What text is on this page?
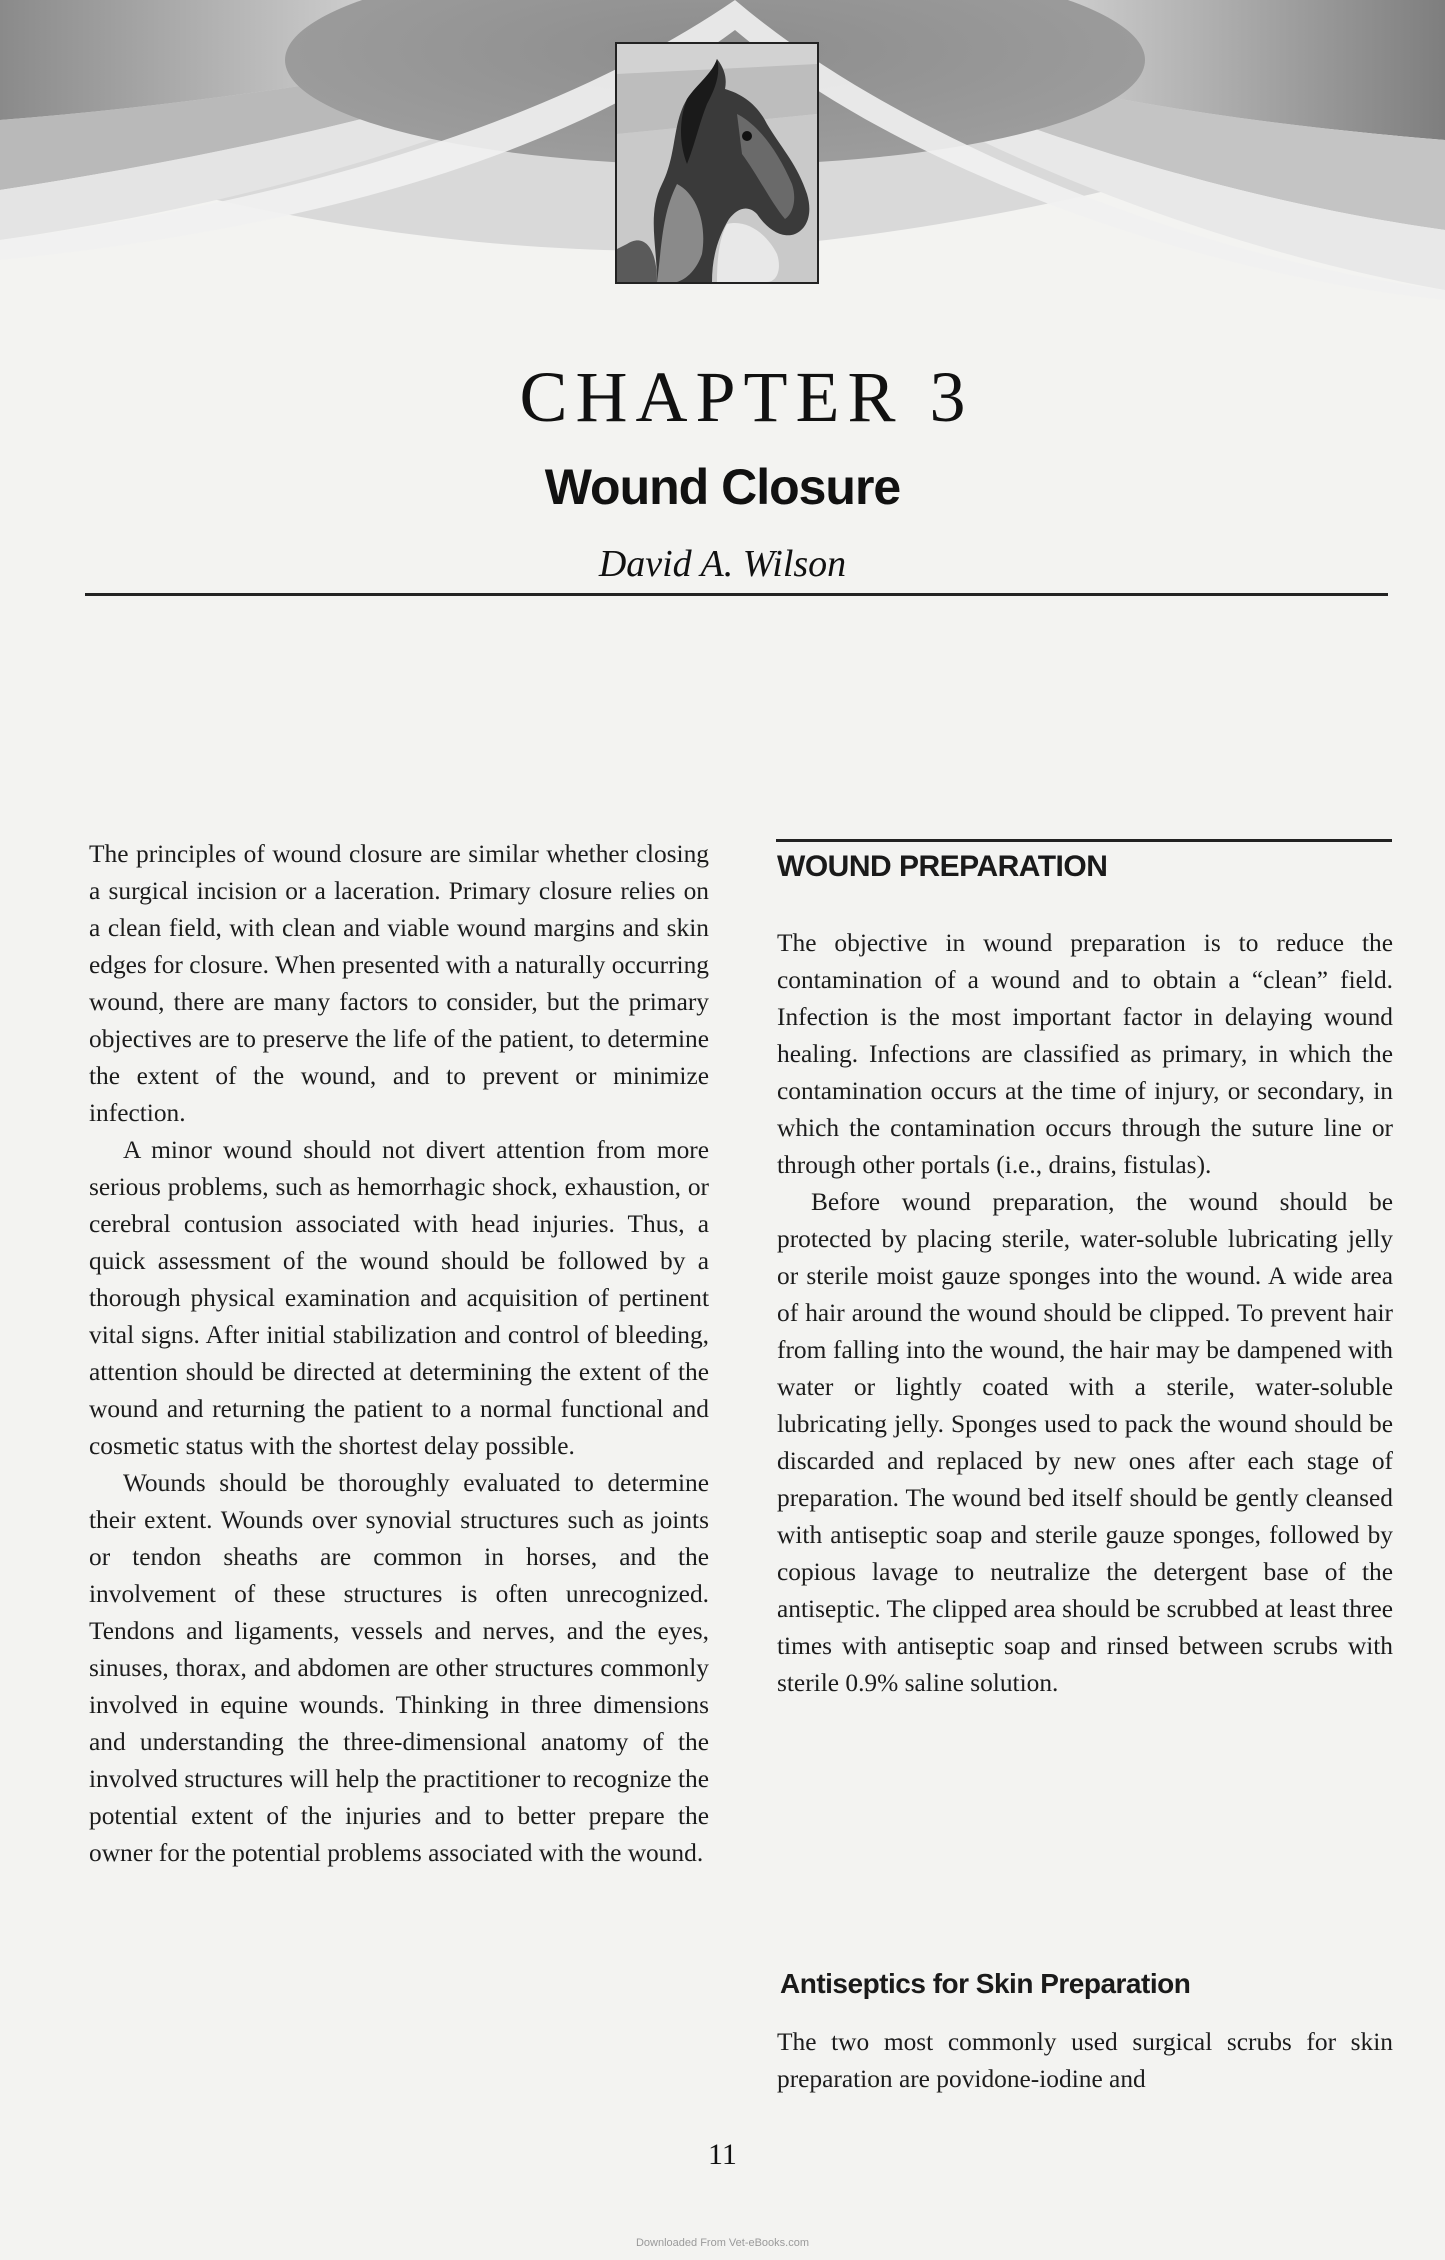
CHAPTER 3
Wound Closure

David A. Wilson

The principles of wound closure are similar whether closing a surgical incision or a laceration. Primary closure relies on a clean field, with clean and viable wound margins and skin edges for closure. When presented with a naturally occurring wound, there are many factors to consider, but the primary objectives are to preserve the life of the patient, to determine the extent of the wound, and to prevent or minimize infection.

A minor wound should not divert attention from more serious problems, such as hemorrhagic shock, exhaustion, or cerebral contusion associated with head injuries. Thus, a quick assessment of the wound should be followed by a thorough physical examination and acquisition of pertinent vital signs. After initial stabilization and control of bleeding, attention should be directed at determining the extent of the wound and returning the patient to a normal functional and cosmetic status with the shortest delay possible.

Wounds should be thoroughly evaluated to determine their extent. Wounds over synovial structures such as joints or tendon sheaths are common in horses, and the involvement of these structures is often unrecognized. Tendons and ligaments, vessels and nerves, and the eyes, sinuses, thorax, and abdomen are other structures commonly involved in equine wounds. Thinking in three dimensions and understanding the three-dimensional anatomy of the involved structures will help the practitioner to recognize the potential extent of the injuries and to better prepare the owner for the potential problems associated with the wound.

WOUND PREPARATION

The objective in wound preparation is to reduce the contamination of a wound and to obtain a “clean” field. Infection is the most important factor in delaying wound healing. Infections are classified as primary, in which the contamination occurs at the time of injury, or secondary, in which the contamination occurs through the suture line or through other portals (i.e., drains, fistulas).

Before wound preparation, the wound should be protected by placing sterile, water-soluble lubricating jelly or sterile moist gauze sponges into the wound. A wide area of hair around the wound should be clipped. To prevent hair from falling into the wound, the hair may be dampened with water or lightly coated with a sterile, water-soluble lubricating jelly. Sponges used to pack the wound should be discarded and replaced by new ones after each stage of preparation. The wound bed itself should be gently cleansed with antiseptic soap and sterile gauze sponges, followed by copious lavage to neutralize the detergent base of the antiseptic. The clipped area should be scrubbed at least three times with antiseptic soap and rinsed between scrubs with sterile 0.9% saline solution.

Antiseptics for Skin Preparation

The two most commonly used surgical scrubs for skin preparation are povidone-iodine and

11

Downloaded From Vet-eBooks.com
